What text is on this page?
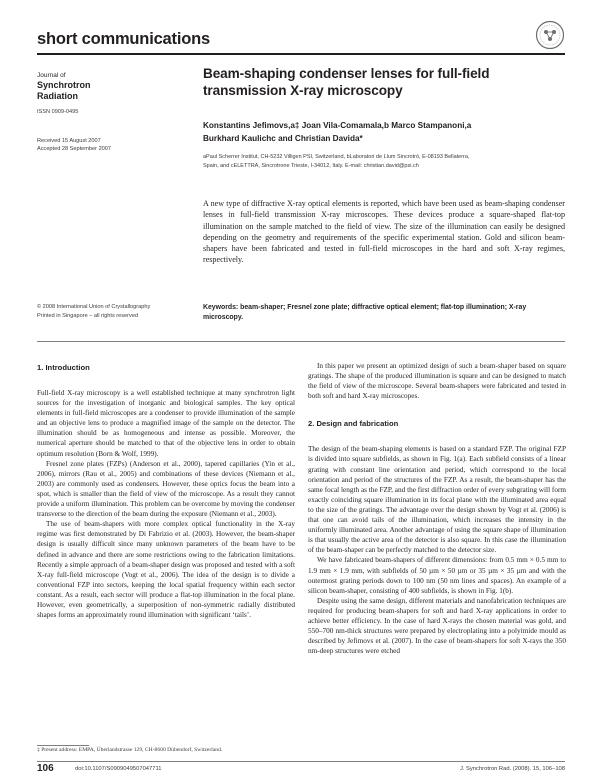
short communications
Journal of
Synchrotron
Radiation
ISSN 0909-0495
Received 15 August 2007
Accepted 28 September 2007
© 2008 International Union of Crystallography
Printed in Singapore – all rights reserved
Beam-shaping condenser lenses for full-field transmission X-ray microscopy
Konstantins Jefimovs,a‡ Joan Vila-Comamala,b Marco Stampanoni,a
Burkhard Kaulichc and Christian Davida*
aPaul Scherrer Institut, CH-5232 Villigen PSI, Switzerland, bLaboratori de Llum Sincrotró, E-08193 Bellaterra,
Spain, and cELETTRA, Sincrotrone Trieste, I-34012, Italy. E-mail: christian.david@psi.ch
A new type of diffractive X-ray optical elements is reported, which have been used as beam-shaping condenser lenses in full-field transmission X-ray microscopes. These devices produce a square-shaped flat-top illumination on the sample matched to the field of view. The size of the illumination can easily be designed depending on the geometry and requirements of the specific experimental station. Gold and silicon beam-shapers have been fabricated and tested in full-field microscopes in the hard and soft X-ray regimes, respectively.
Keywords: beam-shaper; Fresnel zone plate; diffractive optical element; flat-top illumination; X-ray microscopy.
1. Introduction

Full-field X-ray microscopy is a well established technique at many synchrotron light sources for the investigation of inorganic and biological samples. The key optical elements in full-field microscopes are a condenser to provide illumination of the sample and an objective lens to produce a magnified image of the sample on the detector. The illumination should be as homogeneous and intense as possible. Moreover, the numerical aperture should be matched to that of the objective lens in order to obtain optimum resolution (Born & Wolf, 1999).

Fresnel zone plates (FZPs) (Anderson et al., 2000), tapered capillaries (Yin et al., 2006), mirrors (Rau et al., 2005) and combinations of these devices (Niemann et al., 2003) are commonly used as condensers. However, these optics focus the beam into a spot, which is smaller than the field of view of the microscope. As a result they cannot provide a uniform illumination. This problem can be overcome by moving the condenser transverse to the direction of the beam during the exposure (Niemann et al., 2003).

The use of beam-shapers with more complex optical functionality in the X-ray regime was first demonstrated by Di Fabrizio et al. (2003). However, the beam-shaper design is usually difficult since many unknown parameters of the beam have to be defined in advance and there are some restrictions owing to the fabrication limitations. Recently a simple approach of a beam-shaper design was proposed and tested with a soft X-ray full-field microscope (Vogt et al., 2006). The idea of the design is to divide a conventional FZP into sectors, keeping the local spatial frequency within each sector constant. As a result, each sector will produce a flat-top illumination in the focal plane. However, even geometrically, a superposition of non-symmetric radially distributed shapes forms an approximately round illumination with significant ‘tails’.

In this paper we present an optimized design of such a beam-shaper based on square gratings. The shape of the produced illumination is square and can be designed to match the field of view of the microscope. Several beam-shapers were fabricated and tested in both soft and hard X-ray microscopes.

2. Design and fabrication

The design of the beam-shaping elements is based on a standard FZP. The original FZP is divided into square subfields, as shown in Fig. 1(a). Each subfield consists of a linear grating with constant line orientation and period, which correspond to the local orientation and period of the structures of the FZP. As a result, the beam-shaper has the same focal length as the FZP, and the first diffraction order of every subgrating will form exactly coinciding square illumination in its focal plane with the illuminated area equal to the size of the gratings. The advantage over the design shown by Vogt et al. (2006) is that one can avoid tails of the illumination, which increases the intensity in the uniformly illuminated area. Another advantage of using the square shape of illumination is that usually the active area of the detector is also square. In this case the illumination of the beam-shaper can be perfectly matched to the detector size.

We have fabricated beam-shapers of different dimensions: from 0.5 mm × 0.5 mm to 1.9 mm × 1.9 mm, with subfields of 50 µm × 50 µm or 35 µm × 35 µm and with the outermost grating periods down to 100 nm (50 nm lines and spaces). An example of a silicon beam-shaper, consisting of 400 subfields, is shown in Fig. 1(b).

Despite using the same design, different materials and nanofabrication techniques are required for producing beam-shapers for soft and hard X-ray applications in order to achieve better efficiency. In the case of hard X-rays the chosen material was gold, and 550–700 nm-thick structures were prepared by electroplating into a polyimide mould as described by Jefimovs et al. (2007). In the case of beam-shapers for soft X-rays the 350 nm-deep structures were etched

‡ Present address: EMPA, Überlandstrasse 129, CH-8600 Dübendorf, Switzerland.
106	doi:10.1107/S0909049507047711	J. Synchrotron Rad. (2008). 15, 106–108
